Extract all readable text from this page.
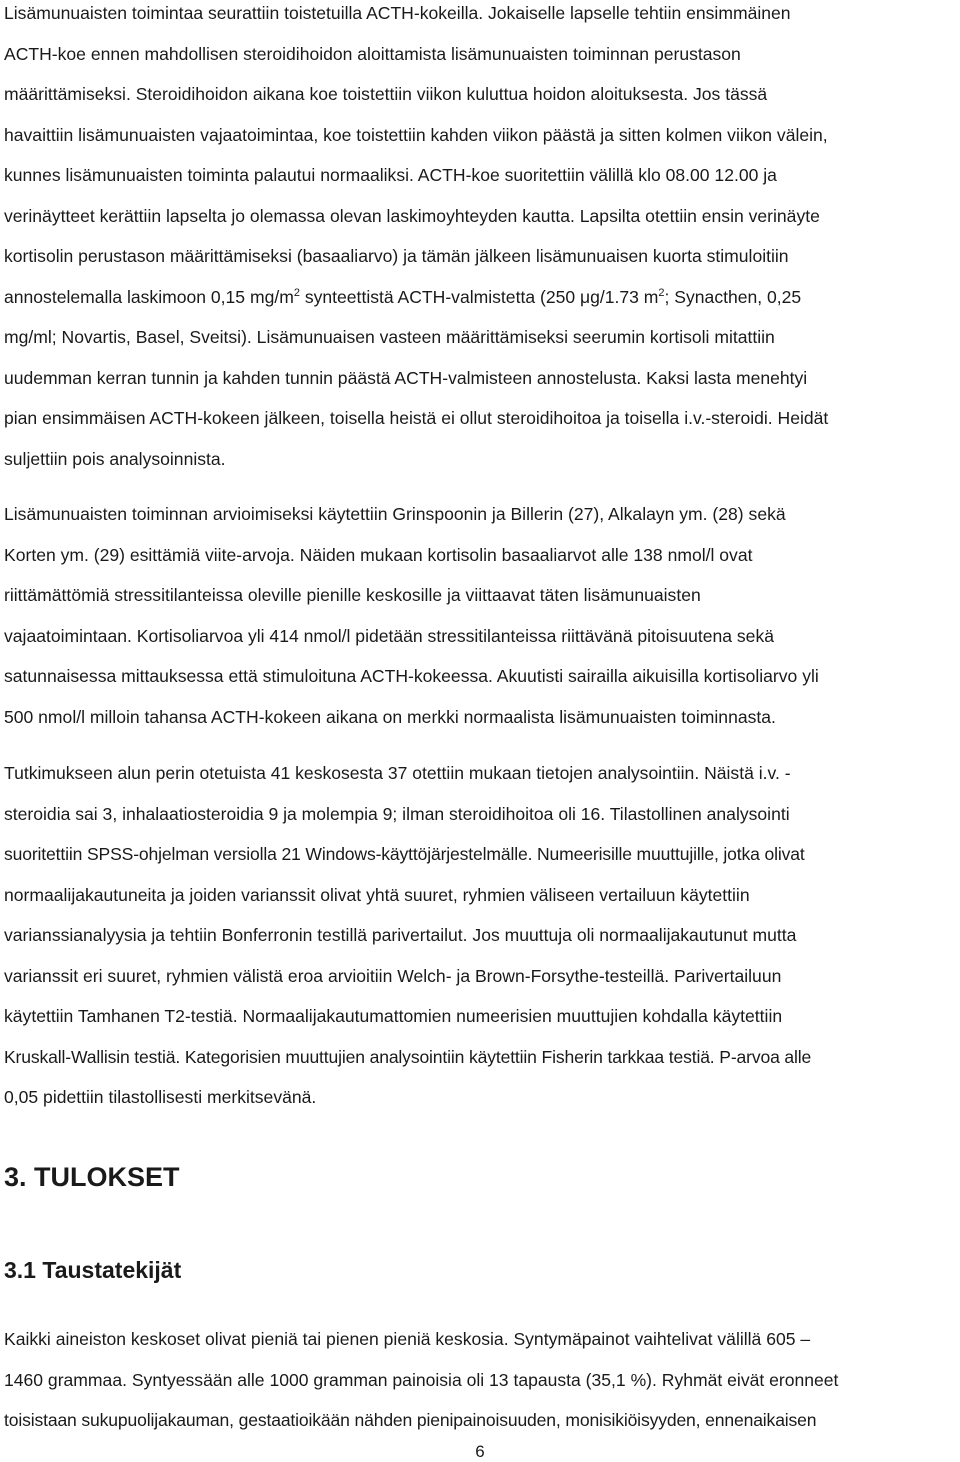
Lisämunuaisten toimintaa seurattiin toistetuilla ACTH-kokeilla. Jokaiselle lapselle tehtiin ensimmäinen
ACTH-koe ennen mahdollisen steroidihoidon aloittamista lisämunuaisten toiminnan perustason
määrittämiseksi. Steroidihoidon aikana koe toistettiin viikon kuluttua hoidon aloituksesta. Jos tässä
havaittiin lisämunuaisten vajaatoimintaa, koe toistettiin kahden viikon päästä ja sitten kolmen viikon välein,
kunnes lisämunuaisten toiminta palautui normaaliksi. ACTH-koe suoritettiin välillä klo 08.00 12.00 ja
verinäytteet kerättiin lapselta jo olemassa olevan laskimoyhteyden kautta. Lapsilta otettiin ensin verinäyte
kortisolin perustason määrittämiseksi (basaaliarvo) ja tämän jälkeen lisämunuaisen kuorta stimuloitiin
annostelemalla laskimoon 0,15 $mg/m^2$ synteettistä ACTH-valmistetta (250 μg/1.73 $m^2$; Synacthen, 0,25
mg/ml; Novartis, Basel, Sveitsi). Lisämunuaisen vasteen määrittämiseksi seerumin kortisoli mitattiin
uudemman kerran tunnin ja kahden tunnin päästä ACTH-valmisteen annostelusta. Kaksi lasta menehtyi
pian ensimmäisen ACTH-kokeen jälkeen, toisella heistä ei ollut steroidihoitoa ja toisella i.v.-steroidi. Heidät
suljettiin pois analysoinnista.
Lisämunuaisten toiminnan arvioimiseksi käytettiin Grinspoonin ja Billerin (27), Alkalayn ym. (28) sekä
Korten ym. (29) esittämiä viite-arvoja. Näiden mukaan kortisolin basaaliarvot alle 138 nmol/l ovat
riittämättömiä stressitilanteissa oleville pienille keskosille ja viittaavat täten lisämunuaisten
vajaatoimintaan. Kortisoliarvoa yli 414 nmol/l pidetään stressitilanteissa riittävänä pitoisuutena sekä
satunnaisessa mittauksessa että stimuloituna ACTH-kokeessa. Akuutisti sairailla aikuisilla kortisoliarvo yli
500 nmol/l milloin tahansa ACTH-kokeen aikana on merkki normaalista lisämunuaisten toiminnasta.
Tutkimukseen alun perin otetuista 41 keskosesta 37 otettiin mukaan tietojen analysointiin. Näistä i.v. -
steroidia sai 3, inhalaatiosteroidia 9 ja molempia 9; ilman steroidihoitoa oli 16. Tilastollinen analysointi
suoritettiin SPSS-ohjelman versiolla 21 Windows-käyttöjärjestelmälle. Numeerisille muuttujille, jotka olivat
normaalijakautuneita ja joiden varianssit olivat yhtä suuret, ryhmien väliseen vertailuun käytettiin
varianssianalyysia ja tehtiin Bonferronin testillä parivertailut. Jos muuttuja oli normaalijakautunut mutta
varianssit eri suuret, ryhmien välistä eroa arvioitiin Welch- ja Brown-Forsythe-testeillä. Parivertailuun
käytettiin Tamhanen T2-testiä. Normaalijakautumattomien numeerisien muuttujien kohdalla käytettiin
Kruskall-Wallisin testiä. Kategorisien muuttujien analysointiin käytettiin Fisherin tarkkaa testiä. P-arvoa alle
0,05 pidettiin tilastollisesti merkitsevänä.
3. TULOKSET
3.1 Taustatekijät
Kaikki aineiston keskoset olivat pieniä tai pienen pieniä keskosia. Syntymäpainot vaihtelivat välillä 605 –
1460 grammaa. Syntyessään alle 1000 gramman painoisia oli 13 tapausta (35,1 %). Ryhmät eivät eronneet
toisistaan sukupuolijakauman, gestaatioikään nähden pienipainoisuuden, monisikiöisyyden, ennenaikaisen
6
